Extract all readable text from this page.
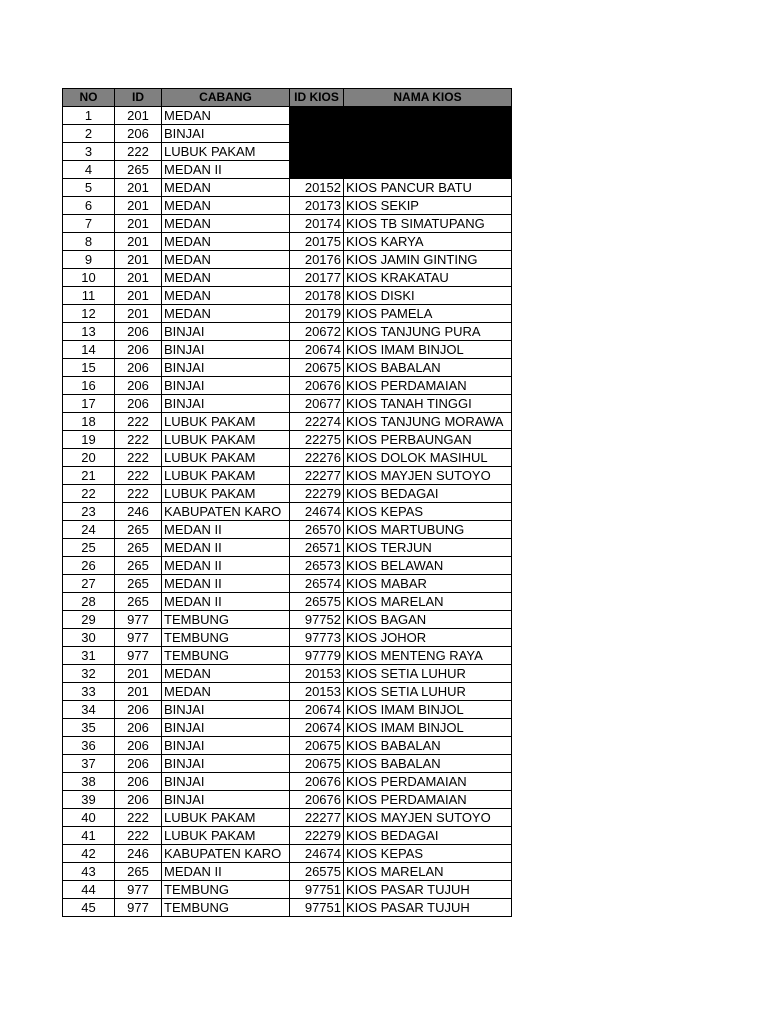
NO	ID	CABANG	ID KIOS	NAMA KIOS
1	201	MEDAN		
2	206	BINJAI		
3	222	LUBUK PAKAM		
4	265	MEDAN II		
5	201	MEDAN	20152	KIOS PANCUR BATU
6	201	MEDAN	20173	KIOS SEKIP
7	201	MEDAN	20174	KIOS TB SIMATUPANG
8	201	MEDAN	20175	KIOS KARYA
9	201	MEDAN	20176	KIOS JAMIN GINTING
10	201	MEDAN	20177	KIOS KRAKATAU
11	201	MEDAN	20178	KIOS DISKI
12	201	MEDAN	20179	KIOS PAMELA
13	206	BINJAI	20672	KIOS TANJUNG PURA
14	206	BINJAI	20674	KIOS IMAM BINJOL
15	206	BINJAI	20675	KIOS BABALAN
16	206	BINJAI	20676	KIOS PERDAMAIAN
17	206	BINJAI	20677	KIOS TANAH TINGGI
18	222	LUBUK PAKAM	22274	KIOS TANJUNG MORAWA
19	222	LUBUK PAKAM	22275	KIOS PERBAUNGAN
20	222	LUBUK PAKAM	22276	KIOS DOLOK MASIHUL
21	222	LUBUK PAKAM	22277	KIOS MAYJEN SUTOYO
22	222	LUBUK PAKAM	22279	KIOS BEDAGAI
23	246	KABUPATEN KARO	24674	KIOS KEPAS
24	265	MEDAN II	26570	KIOS MARTUBUNG
25	265	MEDAN II	26571	KIOS TERJUN
26	265	MEDAN II	26573	KIOS BELAWAN
27	265	MEDAN II	26574	KIOS MABAR
28	265	MEDAN II	26575	KIOS MARELAN
29	977	TEMBUNG	97752	KIOS BAGAN
30	977	TEMBUNG	97773	KIOS JOHOR
31	977	TEMBUNG	97779	KIOS MENTENG RAYA
32	201	MEDAN	20153	KIOS SETIA LUHUR
33	201	MEDAN	20153	KIOS SETIA LUHUR
34	206	BINJAI	20674	KIOS IMAM BINJOL
35	206	BINJAI	20674	KIOS IMAM BINJOL
36	206	BINJAI	20675	KIOS BABALAN
37	206	BINJAI	20675	KIOS BABALAN
38	206	BINJAI	20676	KIOS PERDAMAIAN
39	206	BINJAI	20676	KIOS PERDAMAIAN
40	222	LUBUK PAKAM	22277	KIOS MAYJEN SUTOYO
41	222	LUBUK PAKAM	22279	KIOS BEDAGAI
42	246	KABUPATEN KARO	24674	KIOS KEPAS
43	265	MEDAN II	26575	KIOS MARELAN
44	977	TEMBUNG	97751	KIOS PASAR TUJUH
45	977	TEMBUNG	97751	KIOS PASAR TUJUH
